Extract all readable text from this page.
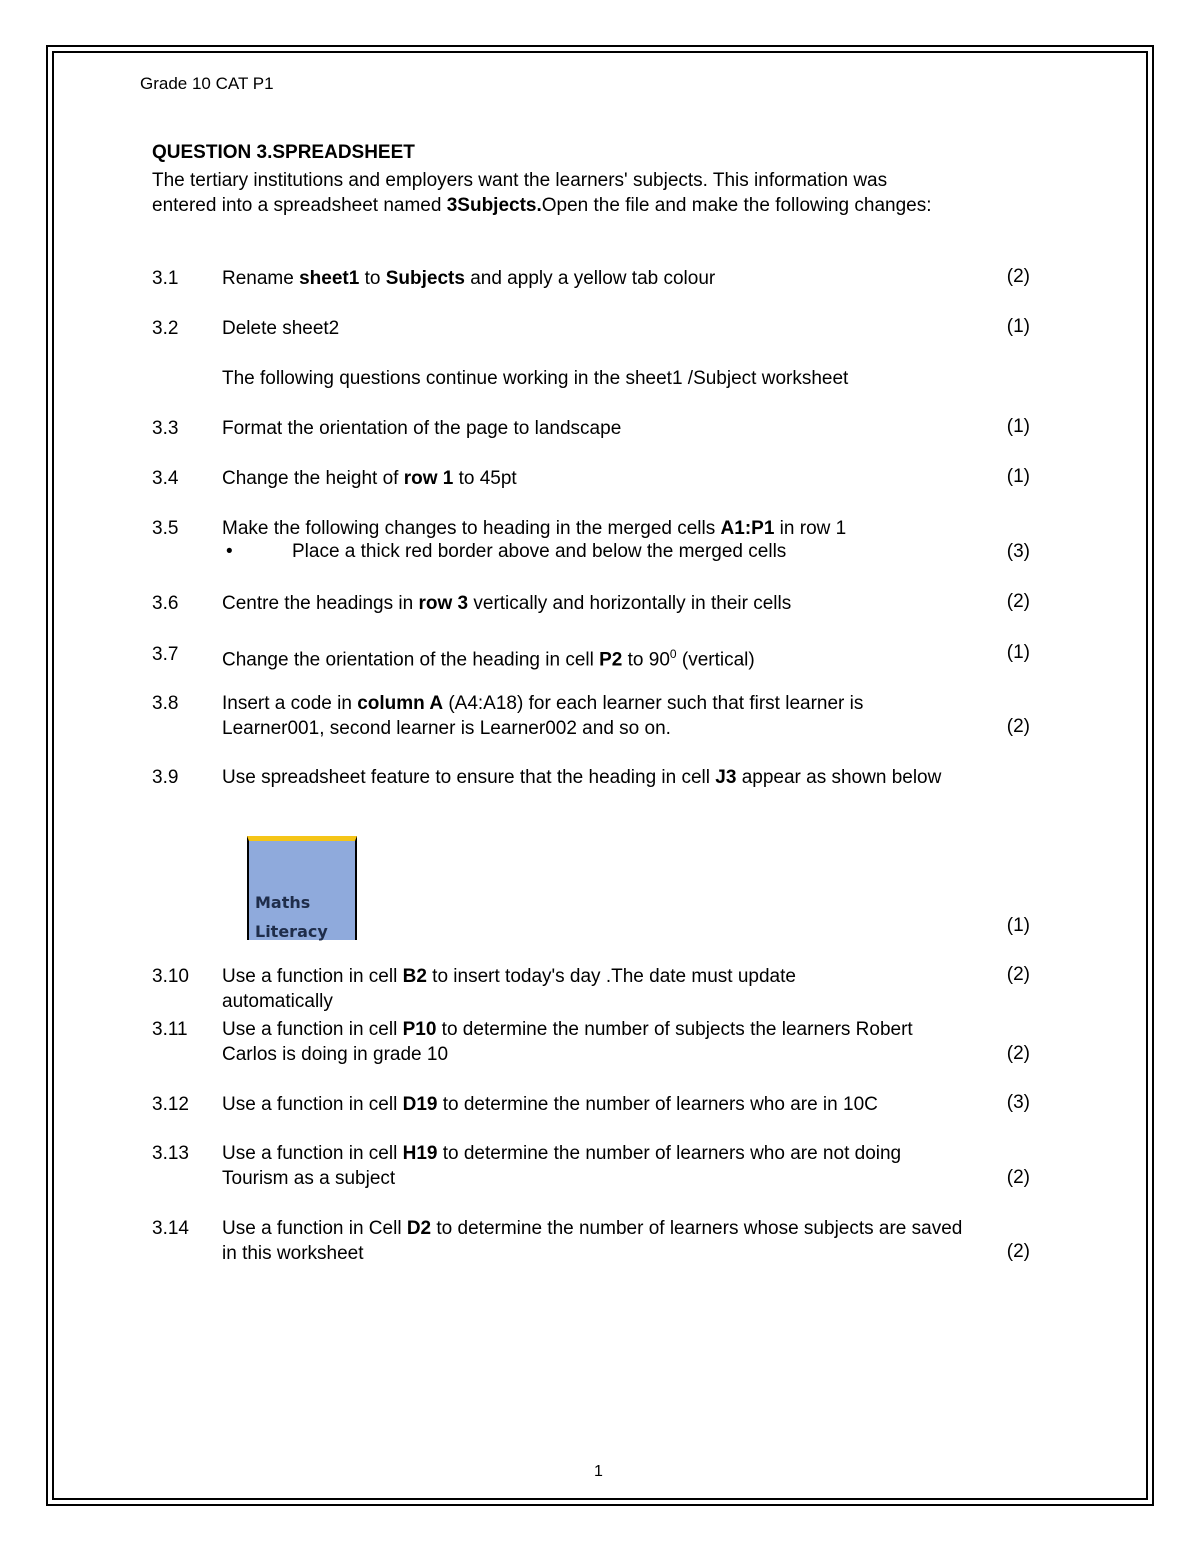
Grade 10 CAT P1
QUESTION 3.SPREADSHEET
The tertiary institutions and employers want the learners' subjects. This information was entered into a spreadsheet named 3Subjects.Open the file and make the following changes:
3.1 Rename sheet1 to Subjects and apply a yellow tab colour	(2)
3.2 Delete sheet2	(1)
The following questions continue working in the sheet1 /Subject worksheet
3.3 Format the orientation of the page to landscape	(1)
3.4 Change the height of row 1 to 45pt	(1)
3.5 Make the following changes to heading in the merged cells A1:P1 in row 1
•	Place a thick red border above and below the merged cells	(3)
3.6 Centre the headings in row 3 vertically and horizontally in their cells	(2)
3.7 Change the orientation of the heading in cell P2 to $90^0$ (vertical)	(1)
3.8 Insert a code in column A (A4:A18) for each learner such that first learner is Learner001, second learner is Learner002 and so on.	(2)
3.9 Use spreadsheet feature to ensure that the heading in cell J3 appear as shown below
Maths
Literacy	(1)
3.10 Use a function in cell B2 to insert today's day .The date must update automatically
(2)
3.11 Use a function in cell P10 to determine the number of subjects the learners Robert Carlos is doing in grade 10	(2)
3.12 Use a function in cell D19 to determine the number of learners who are in 10C	(3)
3.13 Use a function in cell H19 to determine the number of learners who are not doing Tourism as a subject	(2)
3.14 Use a function in Cell D2 to determine the number of learners whose subjects are saved in this worksheet	(2)
1
